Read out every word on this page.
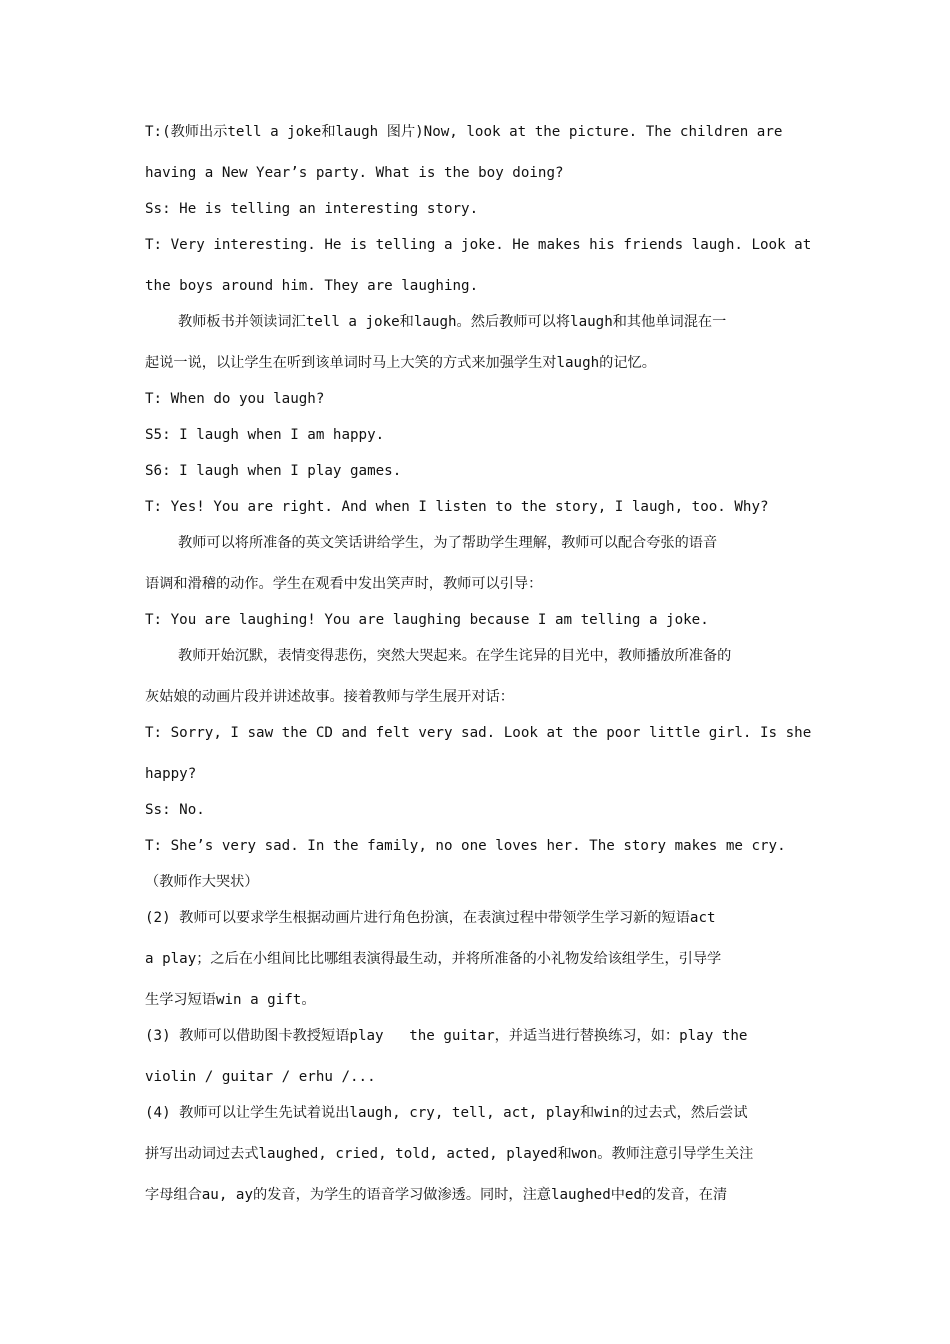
T:(教师出示tell a joke和laugh 图片)Now, look at the picture. The children are
having a New Year’s party. What is the boy doing?
Ss: He is telling an interesting story.
T: Very interesting. He is telling a joke. He makes his friends laugh. Look at
the boys around him. They are laughing.
教师板书并领读词汇tell a joke和laugh。然后教师可以将laugh和其他单词混在一
起说一说，以让学生在听到该单词时马上大笑的方式来加强学生对laugh的记忆。
T: When do you laugh?
S5: I laugh when I am happy.
S6: I laugh when I play games.
T: Yes! You are right. And when I listen to the story, I laugh, too. Why?
教师可以将所准备的英文笑话讲给学生，为了帮助学生理解，教师可以配合夸张的语音
语调和滑稽的动作。学生在观看中发出笑声时，教师可以引导：
T: You are laughing! You are laughing because I am telling a joke.
教师开始沉默，表情变得悲伤，突然大哭起来。在学生诧异的目光中，教师播放所准备的
灰姑娘的动画片段并讲述故事。接着教师与学生展开对话：
T: Sorry, I saw the CD and felt very sad. Look at the poor little girl. Is she
happy?
Ss: No.
T: She’s very sad. In the family, no one loves her. The story makes me cry.
（教师作大哭状）
(2) 教师可以要求学生根据动画片进行角色扮演，在表演过程中带领学生学习新的短语act
a play；之后在小组间比比哪组表演得最生动，并将所准备的小礼物发给该组学生，引导学
生学习短语win a gift。
(3) 教师可以借助图卡教授短语play   the guitar，并适当进行替换练习，如：play the
violin / guitar / erhu /...
(4) 教师可以让学生先试着说出laugh, cry, tell, act, play和win的过去式，然后尝试
拼写出动词过去式laughed, cried, told, acted, played和won。教师注意引导学生关注
字母组合au, ay的发音，为学生的语音学习做渗透。同时，注意laughed中ed的发音，在清
